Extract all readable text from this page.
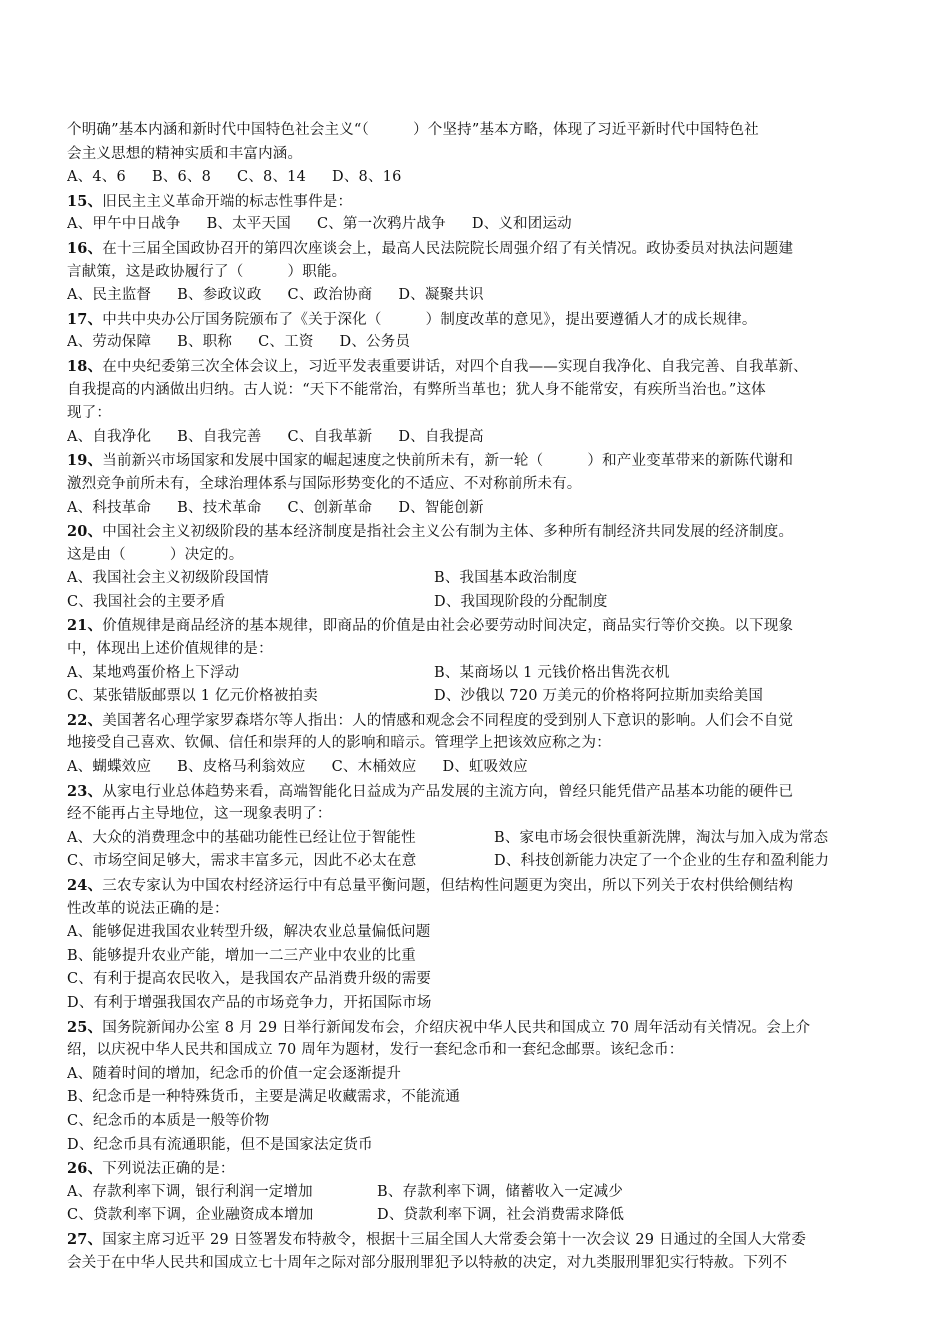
个明确”基本内涵和新时代中国特色社会主义“（　　　）个坚持”基本方略，体现了习近平新时代中国特色社
会主义思想的精神实质和丰富内涵。
A、4、6 B、6、8 C、8、14 D、8、16
15、旧民主主义革命开端的标志性事件是：
A、甲午中日战争 B、太平天国 C、第一次鸦片战争 D、义和团运动
16、在十三届全国政协召开的第四次座谈会上，最高人民法院院长周强介绍了有关情况。政协委员对执法问题建
言献策，这是政协履行了（　　　）职能。
A、民主监督 B、参政议政 C、政治协商 D、凝聚共识
17、中共中央办公厅国务院颁布了《关于深化（　　　）制度改革的意见》，提出要遵循人才的成长规律。
A、劳动保障 B、职称 C、工资 D、公务员
18、在中央纪委第三次全体会议上，习近平发表重要讲话，对四个自我——实现自我净化、自我完善、自我革新、
自我提高的内涵做出归纳。古人说：“天下不能常治，有弊所当革也；犹人身不能常安，有疾所当治也。”这体
现了：
A、自我净化 B、自我完善 C、自我革新 D、自我提高
19、当前新兴市场国家和发展中国家的崛起速度之快前所未有，新一轮（　　　）和产业变革带来的新陈代谢和
激烈竞争前所未有，全球治理体系与国际形势变化的不适应、不对称前所未有。
A、科技革命 B、技术革命 C、创新革命 D、智能创新
20、中国社会主义初级阶段的基本经济制度是指社会主义公有制为主体、多种所有制经济共同发展的经济制度。
这是由（　　　）决定的。
A、我国社会主义初级阶段国情	B、我国基本政治制度
C、我国社会的主要矛盾	D、我国现阶段的分配制度
21、价值规律是商品经济的基本规律，即商品的价值是由社会必要劳动时间决定，商品实行等价交换。以下现象
中，体现出上述价值规律的是：
A、某地鸡蛋价格上下浮动	B、某商场以 1 元钱价格出售洗衣机
C、某张错版邮票以 1 亿元价格被拍卖	D、沙俄以 720 万美元的价格将阿拉斯加卖给美国
22、美国著名心理学家罗森塔尔等人指出：人的情感和观念会不同程度的受到别人下意识的影响。人们会不自觉
地接受自己喜欢、钦佩、信任和崇拜的人的影响和暗示。管理学上把该效应称之为：
A、蝴蝶效应 B、皮格马利翁效应 C、木桶效应 D、虹吸效应
23、从家电行业总体趋势来看，高端智能化日益成为产品发展的主流方向，曾经只能凭借产品基本功能的硬件已
经不能再占主导地位，这一现象表明了：
A、大众的消费理念中的基础功能性已经让位于智能性	B、家电市场会很快重新洗牌，淘汰与加入成为常态
C、市场空间足够大，需求丰富多元，因此不必太在意	D、科技创新能力决定了一个企业的生存和盈利能力
24、三农专家认为中国农村经济运行中有总量平衡问题，但结构性问题更为突出，所以下列关于农村供给侧结构
性改革的说法正确的是：
A、能够促进我国农业转型升级，解决农业总量偏低问题
B、能够提升农业产能，增加一二三产业中农业的比重
C、有利于提高农民收入，是我国农产品消费升级的需要
D、有利于增强我国农产品的市场竞争力，开拓国际市场
25、国务院新闻办公室 8 月 29 日举行新闻发布会，介绍庆祝中华人民共和国成立 70 周年活动有关情况。会上介
绍，以庆祝中华人民共和国成立 70 周年为题材，发行一套纪念币和一套纪念邮票。该纪念币：
A、随着时间的增加，纪念币的价值一定会逐渐提升
B、纪念币是一种特殊货币，主要是满足收藏需求，不能流通
C、纪念币的本质是一般等价物
D、纪念币具有流通职能，但不是国家法定货币
26、下列说法正确的是：
A、存款利率下调，银行利润一定增加	B、存款利率下调，储蓄收入一定减少
C、贷款利率下调，企业融资成本增加	D、贷款利率下调，社会消费需求降低
27、国家主席习近平 29 日签署发布特赦令，根据十三届全国人大常委会第十一次会议 29 日通过的全国人大常委
会关于在中华人民共和国成立七十周年之际对部分服刑罪犯予以特赦的决定，对九类服刑罪犯实行特赦。下列不
